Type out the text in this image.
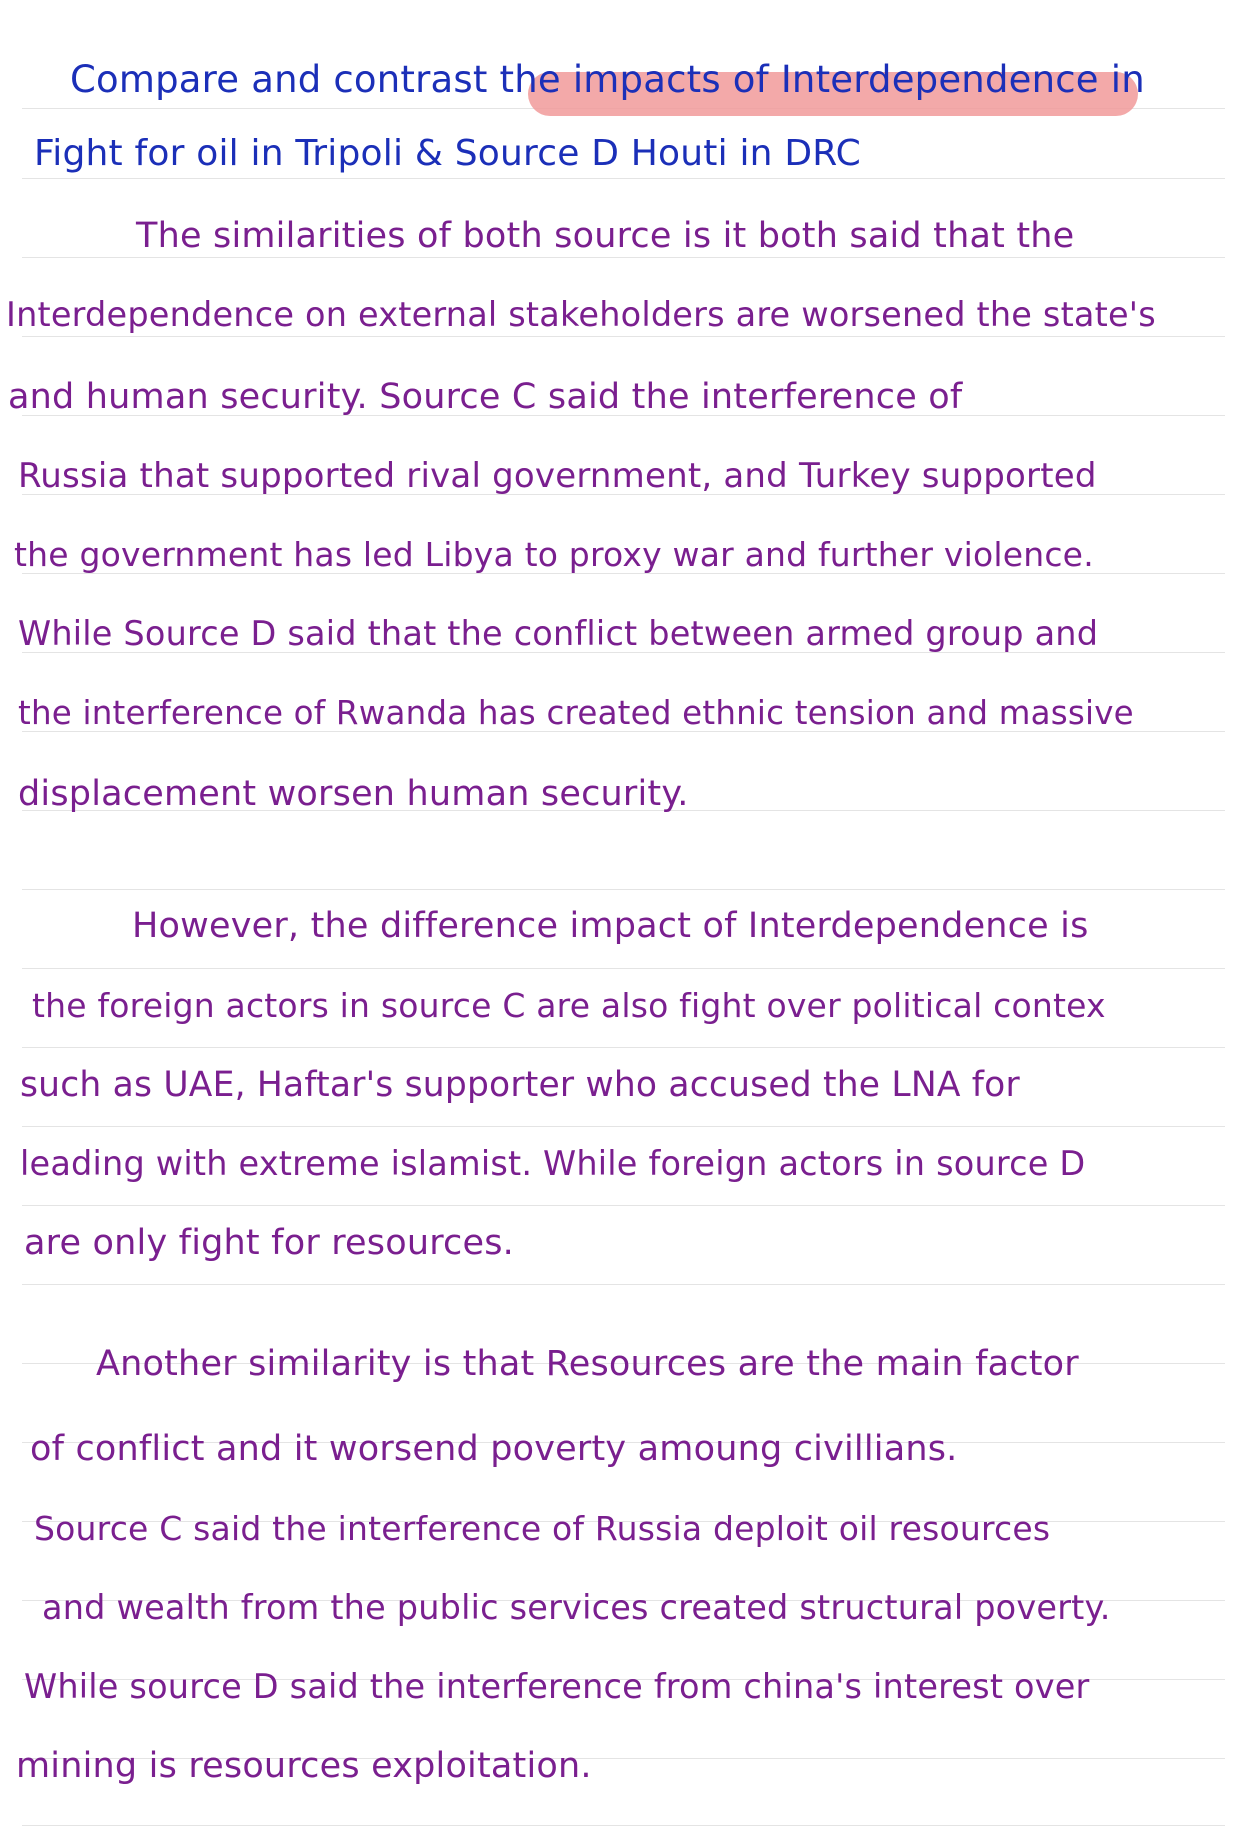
Compare and contrast the impacts of Interdependence in
Fight for oil in Tripoli & Source D Houti in DRC
The similarities of both source is it both said that the
Interdependence on external stakeholders are worsened the state's
and human security. Source C said the interference of
Russia that supported rival government, and Turkey supported
the government has led Libya to proxy war and further violence.
While Source D said that the conflict between armed group and
the interference of Rwanda has created ethnic tension and massive
displacement worsen human security.
However, the difference impact of Interdependence is
the foreign actors in source C are also fight over political contex
such as UAE, Haftar's supporter who accused the LNA for
leading with extreme islamist. While foreign actors in source D
are only fight for resources.
Another similarity is that Resources are the main factor
of conflict and it worsend poverty amoung civillians.
Source C said the interference of Russia deploit oil resources
and wealth from the public services created structural poverty.
While source D said the interference from china's interest over
mining is resources exploitation.
